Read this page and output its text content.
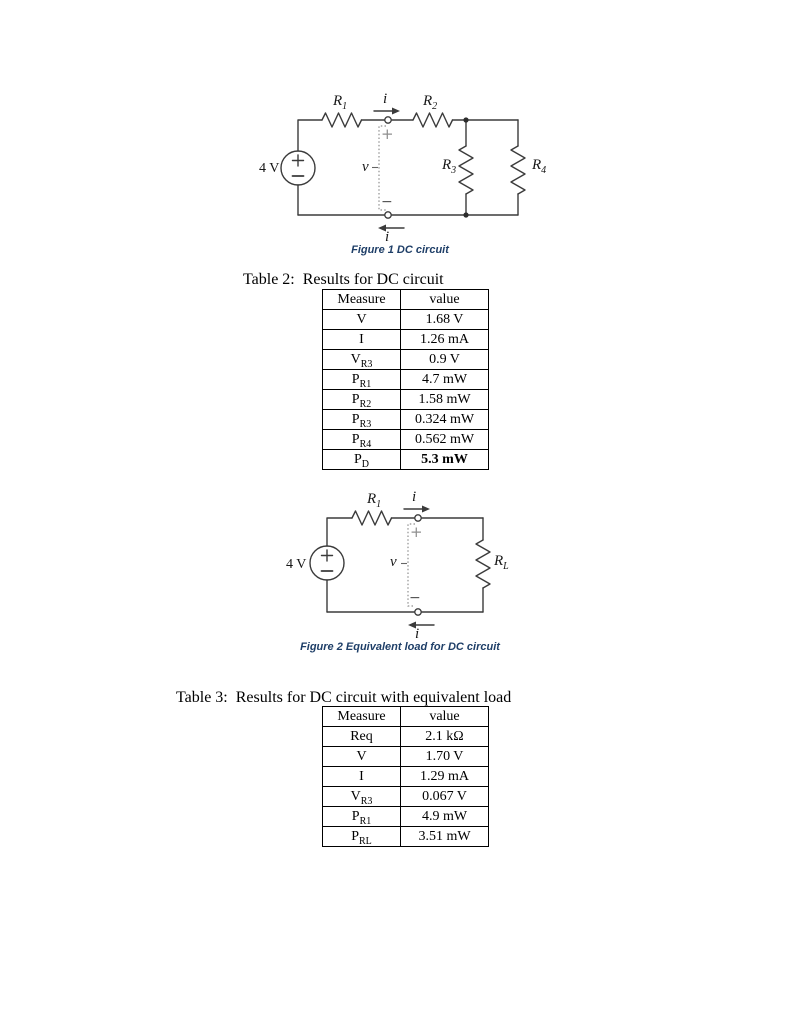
$R_1$ i $R_2$
$R_3$	$R_4$
4 V	v
+
−
i
Figure 1 DC circuit
Table 2:  Results for DC circuit
Measure	value
V	1.68 V
I	1.26 mA
$V_{R3}$	0.9 V
$P_{R1}$	4.7 mW
$P_{R2}$	1.58 mW
$P_{R3}$	0.324 mW
$P_{R4}$	0.562 mW
$P_D$	5.3 mW
$R_1$ i
$R_L$
4 V	v
+
−
i
Figure 2 Equivalent load for DC circuit
Table 3:  Results for DC circuit with equivalent load
Measure	value
Req	2.1 kΩ
V	1.70 V
I	1.29 mA
$V_{R3}$	0.067 V
$P_{R1}$	4.9 mW
$P_{RL}$	3.51 mW
